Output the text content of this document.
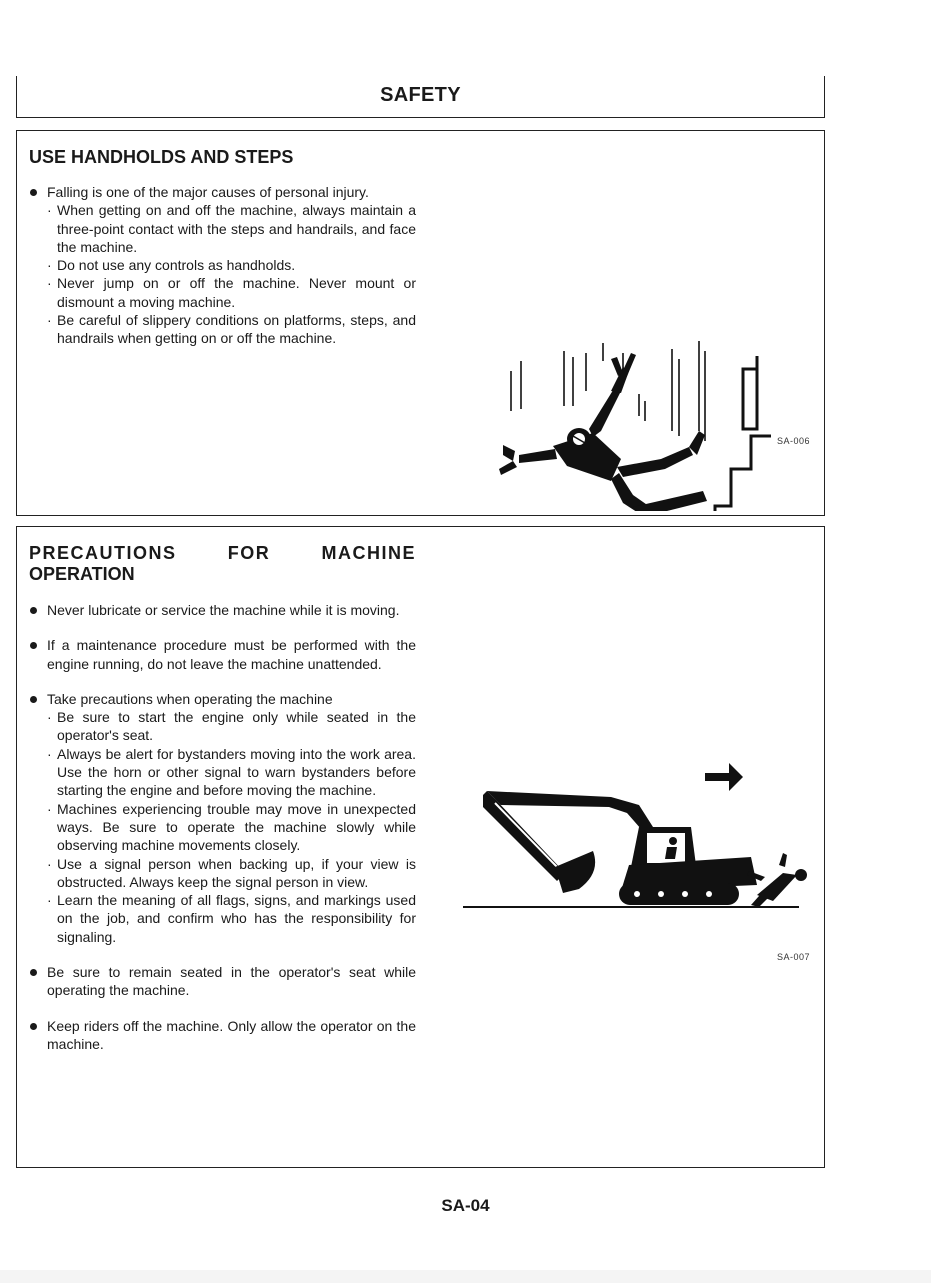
SAFETY
USE HANDHOLDS AND STEPS
Falling is one of the major causes of personal injury.
· When getting on and off the machine, always maintain a three-point contact with the steps and handrails, and face the machine.
· Do not use any controls as handholds.
· Never jump on or off the machine. Never mount or dismount a moving machine.
· Be careful of slippery conditions on platforms, steps, and handrails when getting on or off the machine.
SA-006
PRECAUTIONS	FOR	MACHINE
OPERATION
Never lubricate or service the machine while it is moving.
If a maintenance procedure must be performed with the engine running, do not leave the machine unattended.
Take precautions when operating the machine
· Be sure to start the engine only while seated in the operator's seat.
· Always be alert for bystanders moving into the work area. Use the horn or other signal to warn bystanders before starting the engine and before moving the machine.
· Machines experiencing trouble may move in unexpected ways. Be sure to operate the machine slowly while observing machine movements closely.
· Use a signal person when backing up, if your view is obstructed. Always keep the signal person in view.
· Learn the meaning of all flags, signs, and markings used on the job, and confirm who has the responsibility for signaling.
Be sure to remain seated in the operator's seat while operating the machine.
Keep riders off the machine. Only allow the operator on the machine.
SA-007
SA-04
